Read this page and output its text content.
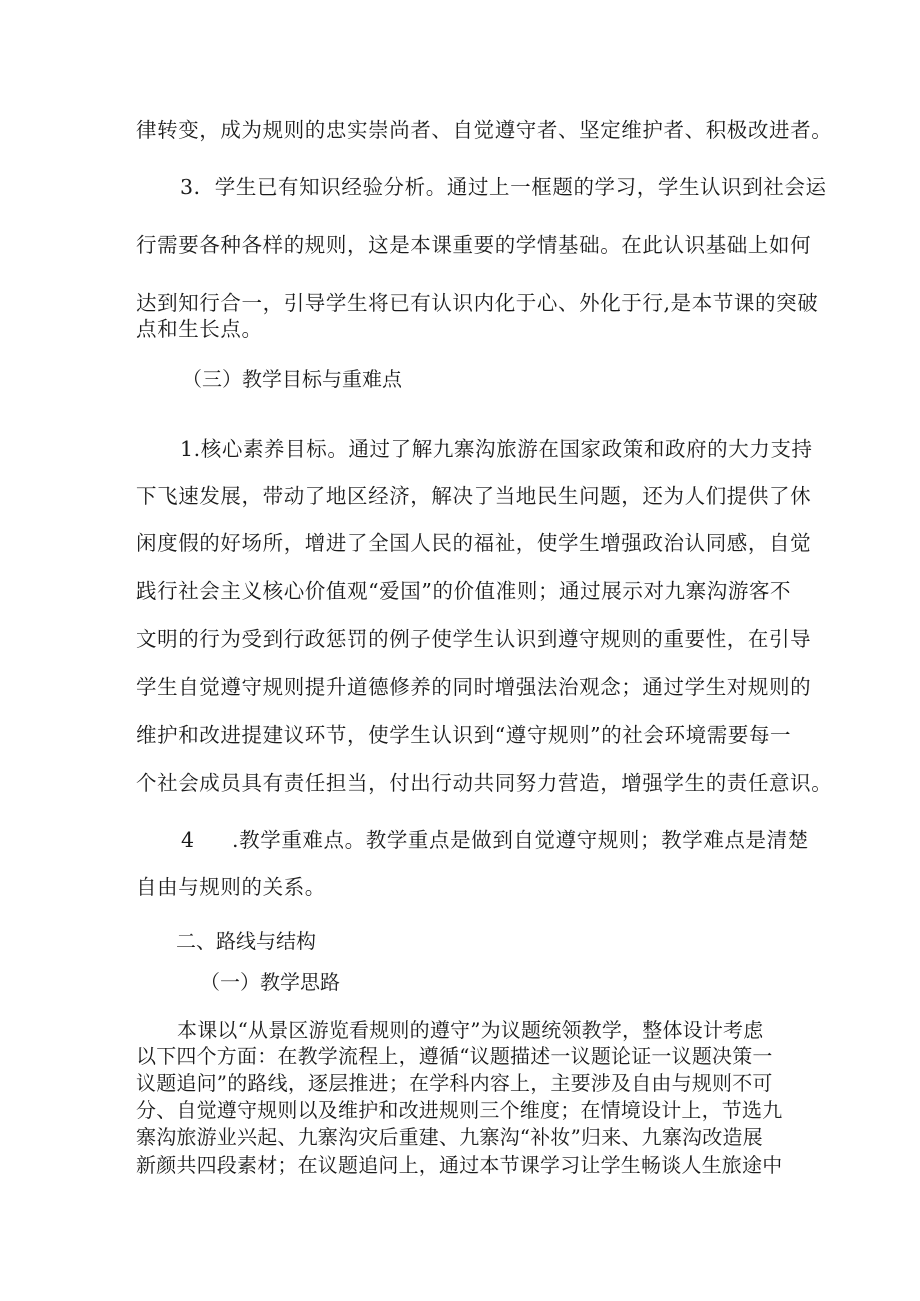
律转变，成为规则的忠实崇尚者、自觉遵守者、坚定维护者、积极改进者。
3．学生已有知识经验分析。通过上一框题的学习，学生认识到社会运
行需要各种各样的规则，这是本课重要的学情基础。在此认识基础上如何
达到知行合一，引导学生将已有认识内化于心、外化于行,是本节课的突破
点和生长点。
（三）教学目标与重难点
1.核心素养目标。通过了解九寨沟旅游在国家政策和政府的大力支持
下飞速发展，带动了地区经济，解决了当地民生问题，还为人们提供了休
闲度假的好场所，增进了全国人民的福祉，使学生增强政治认同感，自觉
践行社会主义核心价值观“爱国”的价值准则；通过展示对九寨沟游客不
文明的行为受到行政惩罚的例子使学生认识到遵守规则的重要性，在引导
学生自觉遵守规则提升道德修养的同时增强法治观念；通过学生对规则的
维护和改进提建议环节，使学生认识到“遵守规则”的社会环境需要每一
个社会成员具有责任担当，付出行动共同努力营造，增强学生的责任意识。
4 .教学重难点。教学重点是做到自觉遵守规则；教学难点是清楚
自由与规则的关系。
二、路线与结构
（一）教学思路
本课以“从景区游览看规则的遵守”为议题统领教学，整体设计考虑
以下四个方面：在教学流程上，遵循“议题描述一议题论证一议题决策一
议题追问”的路线，逐层推进；在学科内容上，主要涉及自由与规则不可
分、自觉遵守规则以及维护和改进规则三个维度；在情境设计上，节选九
寨沟旅游业兴起、九寨沟灾后重建、九寨沟“补妆”归来、九寨沟改造展
新颜共四段素材；在议题追问上，通过本节课学习让学生畅谈人生旅途中
